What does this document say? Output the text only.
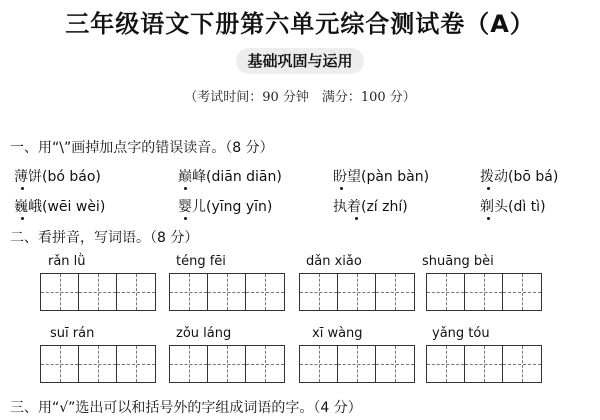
三年级语文下册第六单元综合测试卷（A）
基础巩固与运用
（考试时间：90 分钟　满分：100 分）
一、用“\”画掉加点字的错误读音。（8 分）
薄饼(bó báo)	巅峰(diān diān)	盼望(pàn bàn)	拨动(bō bá)
巍峨(wēi wèi)	婴儿(yīng yīn)	执着(zí zhí)	剃头(dì tì)
二、看拼音，写词语。（8 分）
rǎn lǜ	téng fēi	dǎn xiǎo	shuāng bèi
suī rán	zǒu láng	xī wàng	yǎng tóu
三、用“√”选出可以和括号外的字组成词语的字。（4 分）
